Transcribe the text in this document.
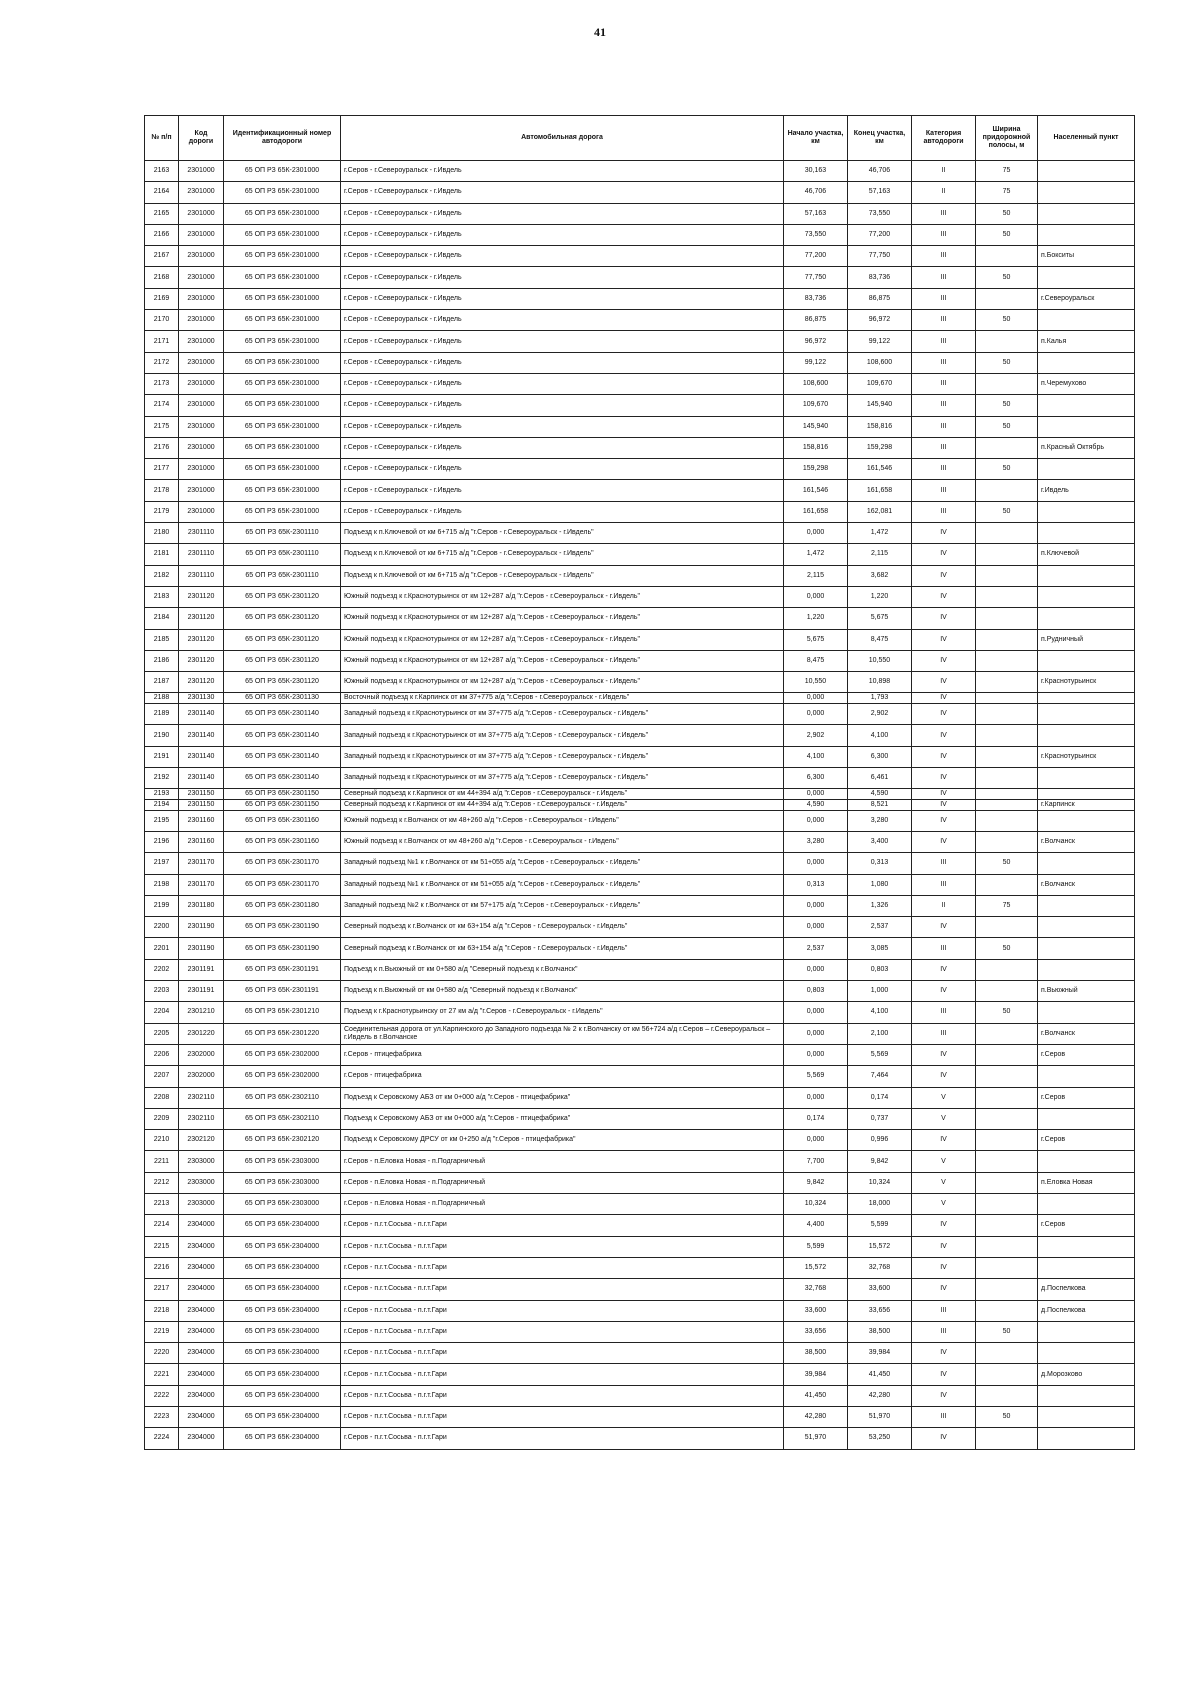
41
№ п/п	Код дороги	Идентификационный номер автодороги	Автомобильная дорога	Начало участка, км	Конец участка, км	Категория автодороги	Ширина придорожной полосы, м	Населенный пункт
2163	2301000	65 ОП РЗ 65К-2301000	г.Серов - г.Североуральск - г.Ивдель	30,163	46,706	II	75	
2164	2301000	65 ОП РЗ 65К-2301000	г.Серов - г.Североуральск - г.Ивдель	46,706	57,163	II	75	
2165	2301000	65 ОП РЗ 65К-2301000	г.Серов - г.Североуральск - г.Ивдель	57,163	73,550	III	50	
2166	2301000	65 ОП РЗ 65К-2301000	г.Серов - г.Североуральск - г.Ивдель	73,550	77,200	III	50	
2167	2301000	65 ОП РЗ 65К-2301000	г.Серов - г.Североуральск - г.Ивдель	77,200	77,750	III		п.Бокситы
2168	2301000	65 ОП РЗ 65К-2301000	г.Серов - г.Североуральск - г.Ивдель	77,750	83,736	III	50	
2169	2301000	65 ОП РЗ 65К-2301000	г.Серов - г.Североуральск - г.Ивдель	83,736	86,875	III		г.Североуральск
2170	2301000	65 ОП РЗ 65К-2301000	г.Серов - г.Североуральск - г.Ивдель	86,875	96,972	III	50	
2171	2301000	65 ОП РЗ 65К-2301000	г.Серов - г.Североуральск - г.Ивдель	96,972	99,122	III		п.Калья
2172	2301000	65 ОП РЗ 65К-2301000	г.Серов - г.Североуральск - г.Ивдель	99,122	108,600	III	50	
2173	2301000	65 ОП РЗ 65К-2301000	г.Серов - г.Североуральск - г.Ивдель	108,600	109,670	III		п.Черемухово
2174	2301000	65 ОП РЗ 65К-2301000	г.Серов - г.Североуральск - г.Ивдель	109,670	145,940	III	50	
2175	2301000	65 ОП РЗ 65К-2301000	г.Серов - г.Североуральск - г.Ивдель	145,940	158,816	III	50	
2176	2301000	65 ОП РЗ 65К-2301000	г.Серов - г.Североуральск - г.Ивдель	158,816	159,298	III		п.Красный Октябрь
2177	2301000	65 ОП РЗ 65К-2301000	г.Серов - г.Североуральск - г.Ивдель	159,298	161,546	III	50	
2178	2301000	65 ОП РЗ 65К-2301000	г.Серов - г.Североуральск - г.Ивдель	161,546	161,658	III		г.Ивдель
2179	2301000	65 ОП РЗ 65К-2301000	г.Серов - г.Североуральск - г.Ивдель	161,658	162,081	III	50	
2180	2301110	65 ОП РЗ 65К-2301110	Подъезд к п.Ключевой от км 6+715 а/д "г.Серов - г.Североуральск - г.Ивдель"	0,000	1,472	IV		
2181	2301110	65 ОП РЗ 65К-2301110	Подъезд к п.Ключевой от км 6+715 а/д "г.Серов - г.Североуральск - г.Ивдель"	1,472	2,115	IV		п.Ключевой
2182	2301110	65 ОП РЗ 65К-2301110	Подъезд к п.Ключевой от км 6+715 а/д "г.Серов - г.Североуральск - г.Ивдель"	2,115	3,682	IV		
2183	2301120	65 ОП РЗ 65К-2301120	Южный подъезд к г.Краснотурьинск от км 12+287 а/д "г.Серов - г.Североуральск - г.Ивдель"	0,000	1,220	IV		
2184	2301120	65 ОП РЗ 65К-2301120	Южный подъезд к г.Краснотурьинск от км 12+287 а/д "г.Серов - г.Североуральск - г.Ивдель"	1,220	5,675	IV		
2185	2301120	65 ОП РЗ 65К-2301120	Южный подъезд к г.Краснотурьинск от км 12+287 а/д "г.Серов - г.Североуральск - г.Ивдель"	5,675	8,475	IV		п.Рудничный
2186	2301120	65 ОП РЗ 65К-2301120	Южный подъезд к г.Краснотурьинск от км 12+287 а/д "г.Серов - г.Североуральск - г.Ивдель"	8,475	10,550	IV		
2187	2301120	65 ОП РЗ 65К-2301120	Южный подъезд к г.Краснотурьинск от км 12+287 а/д "г.Серов - г.Североуральск - г.Ивдель"	10,550	10,898	IV		г.Краснотурьинск
2188	2301130	65 ОП РЗ 65К-2301130	Восточный подъезд к г.Карпинск от км 37+775 а/д "г.Серов - г.Североуральск - г.Ивдель"	0,000	1,793	IV		
2189	2301140	65 ОП РЗ 65К-2301140	Западный подъезд к г.Краснотурьинск от км 37+775 а/д "г.Серов - г.Североуральск - г.Ивдель"	0,000	2,902	IV		
2190	2301140	65 ОП РЗ 65К-2301140	Западный подъезд к г.Краснотурьинск от км 37+775 а/д "г.Серов - г.Североуральск - г.Ивдель"	2,902	4,100	IV		
2191	2301140	65 ОП РЗ 65К-2301140	Западный подъезд к г.Краснотурьинск от км 37+775 а/д "г.Серов - г.Североуральск - г.Ивдель"	4,100	6,300	IV		г.Краснотурьинск
2192	2301140	65 ОП РЗ 65К-2301140	Западный подъезд к г.Краснотурьинск от км 37+775 а/д "г.Серов - г.Североуральск - г.Ивдель"	6,300	6,461	IV		
2193	2301150	65 ОП РЗ 65К-2301150	Северный подъезд к г.Карпинск от км 44+394 а/д "г.Серов - г.Североуральск - г.Ивдель"	0,000	4,590	IV		
2194	2301150	65 ОП РЗ 65К-2301150	Северный подъезд к г.Карпинск от км 44+394 а/д "г.Серов - г.Североуральск - г.Ивдель"	4,590	8,521	IV		г.Карпинск
2195	2301160	65 ОП РЗ 65К-2301160	Южный подъезд к г.Волчанск от км 48+260 а/д "г.Серов - г.Североуральск - г.Ивдель"	0,000	3,280	IV		
2196	2301160	65 ОП РЗ 65К-2301160	Южный подъезд к г.Волчанск от км 48+260 а/д "г.Серов - г.Североуральск - г.Ивдель"	3,280	3,400	IV		г.Волчанск
2197	2301170	65 ОП РЗ 65К-2301170	Западный подъезд №1 к г.Волчанск от км 51+055 а/д "г.Серов - г.Североуральск - г.Ивдель"	0,000	0,313	III	50	
2198	2301170	65 ОП РЗ 65К-2301170	Западный подъезд №1 к г.Волчанск от км 51+055 а/д "г.Серов - г.Североуральск - г.Ивдель"	0,313	1,080	III		г.Волчанск
2199	2301180	65 ОП РЗ 65К-2301180	Западный подъезд №2 к г.Волчанск от км 57+175 а/д "г.Серов - г.Североуральск - г.Ивдель"	0,000	1,326	II	75	
2200	2301190	65 ОП РЗ 65К-2301190	Северный подъезд к г.Волчанск от км 63+154 а/д "г.Серов - г.Североуральск - г.Ивдель"	0,000	2,537	IV		
2201	2301190	65 ОП РЗ 65К-2301190	Северный подъезд к г.Волчанск от км 63+154 а/д "г.Серов - г.Североуральск - г.Ивдель"	2,537	3,085	III	50	
2202	2301191	65 ОП РЗ 65К-2301191	Подъезд к п.Вьюжный от км 0+580 а/д "Северный подъезд к г.Волчанск"	0,000	0,803	IV		
2203	2301191	65 ОП РЗ 65К-2301191	Подъезд к п.Вьюжный от км 0+580 а/д "Северный подъезд к г.Волчанск"	0,803	1,000	IV		п.Вьюжный
2204	2301210	65 ОП РЗ 65К-2301210	Подъезд к г.Краснотурьинску от 27 км а/д "г.Серов - г.Североуральск - г.Ивдель"	0,000	4,100	III	50	
2205	2301220	65 ОП РЗ 65К-2301220	Соединительная дорога от ул.Карпинского до Западного подъезда № 2 к г.Волчанску от км 56+724 а/д г.Серов – г.Североуральск – г.Ивдель в г.Волчанске	0,000	2,100	III		г.Волчанск
2206	2302000	65 ОП РЗ 65К-2302000	г.Серов - птицефабрика	0,000	5,569	IV		г.Серов
2207	2302000	65 ОП РЗ 65К-2302000	г.Серов - птицефабрика	5,569	7,464	IV		
2208	2302110	65 ОП РЗ 65К-2302110	Подъезд к Серовскому АБЗ от км 0+000 а/д "г.Серов - птицефабрика"	0,000	0,174	V		г.Серов
2209	2302110	65 ОП РЗ 65К-2302110	Подъезд к Серовскому АБЗ от км 0+000 а/д "г.Серов - птицефабрика"	0,174	0,737	V		
2210	2302120	65 ОП РЗ 65К-2302120	Подъезд к Серовскому ДРСУ от км 0+250 а/д "г.Серов - птицефабрика"	0,000	0,996	IV		г.Серов
2211	2303000	65 ОП РЗ 65К-2303000	г.Серов - п.Еловка Новая - п.Подгарничный	7,700	9,842	V		
2212	2303000	65 ОП РЗ 65К-2303000	г.Серов - п.Еловка Новая - п.Подгарничный	9,842	10,324	V		п.Еловка Новая
2213	2303000	65 ОП РЗ 65К-2303000	г.Серов - п.Еловка Новая - п.Подгарничный	10,324	18,000	V		
2214	2304000	65 ОП РЗ 65К-2304000	г.Серов - п.г.т.Сосьва - п.г.т.Гари	4,400	5,599	IV		г.Серов
2215	2304000	65 ОП РЗ 65К-2304000	г.Серов - п.г.т.Сосьва - п.г.т.Гари	5,599	15,572	IV		
2216	2304000	65 ОП РЗ 65К-2304000	г.Серов - п.г.т.Сосьва - п.г.т.Гари	15,572	32,768	IV		
2217	2304000	65 ОП РЗ 65К-2304000	г.Серов - п.г.т.Сосьва - п.г.т.Гари	32,768	33,600	IV		д.Поспелкова
2218	2304000	65 ОП РЗ 65К-2304000	г.Серов - п.г.т.Сосьва - п.г.т.Гари	33,600	33,656	III		д.Поспелкова
2219	2304000	65 ОП РЗ 65К-2304000	г.Серов - п.г.т.Сосьва - п.г.т.Гари	33,656	38,500	III	50	
2220	2304000	65 ОП РЗ 65К-2304000	г.Серов - п.г.т.Сосьва - п.г.т.Гари	38,500	39,984	IV		
2221	2304000	65 ОП РЗ 65К-2304000	г.Серов - п.г.т.Сосьва - п.г.т.Гари	39,984	41,450	IV		д.Морозково
2222	2304000	65 ОП РЗ 65К-2304000	г.Серов - п.г.т.Сосьва - п.г.т.Гари	41,450	42,280	IV		
2223	2304000	65 ОП РЗ 65К-2304000	г.Серов - п.г.т.Сосьва - п.г.т.Гари	42,280	51,970	III	50	
2224	2304000	65 ОП РЗ 65К-2304000	г.Серов - п.г.т.Сосьва - п.г.т.Гари	51,970	53,250	IV		
